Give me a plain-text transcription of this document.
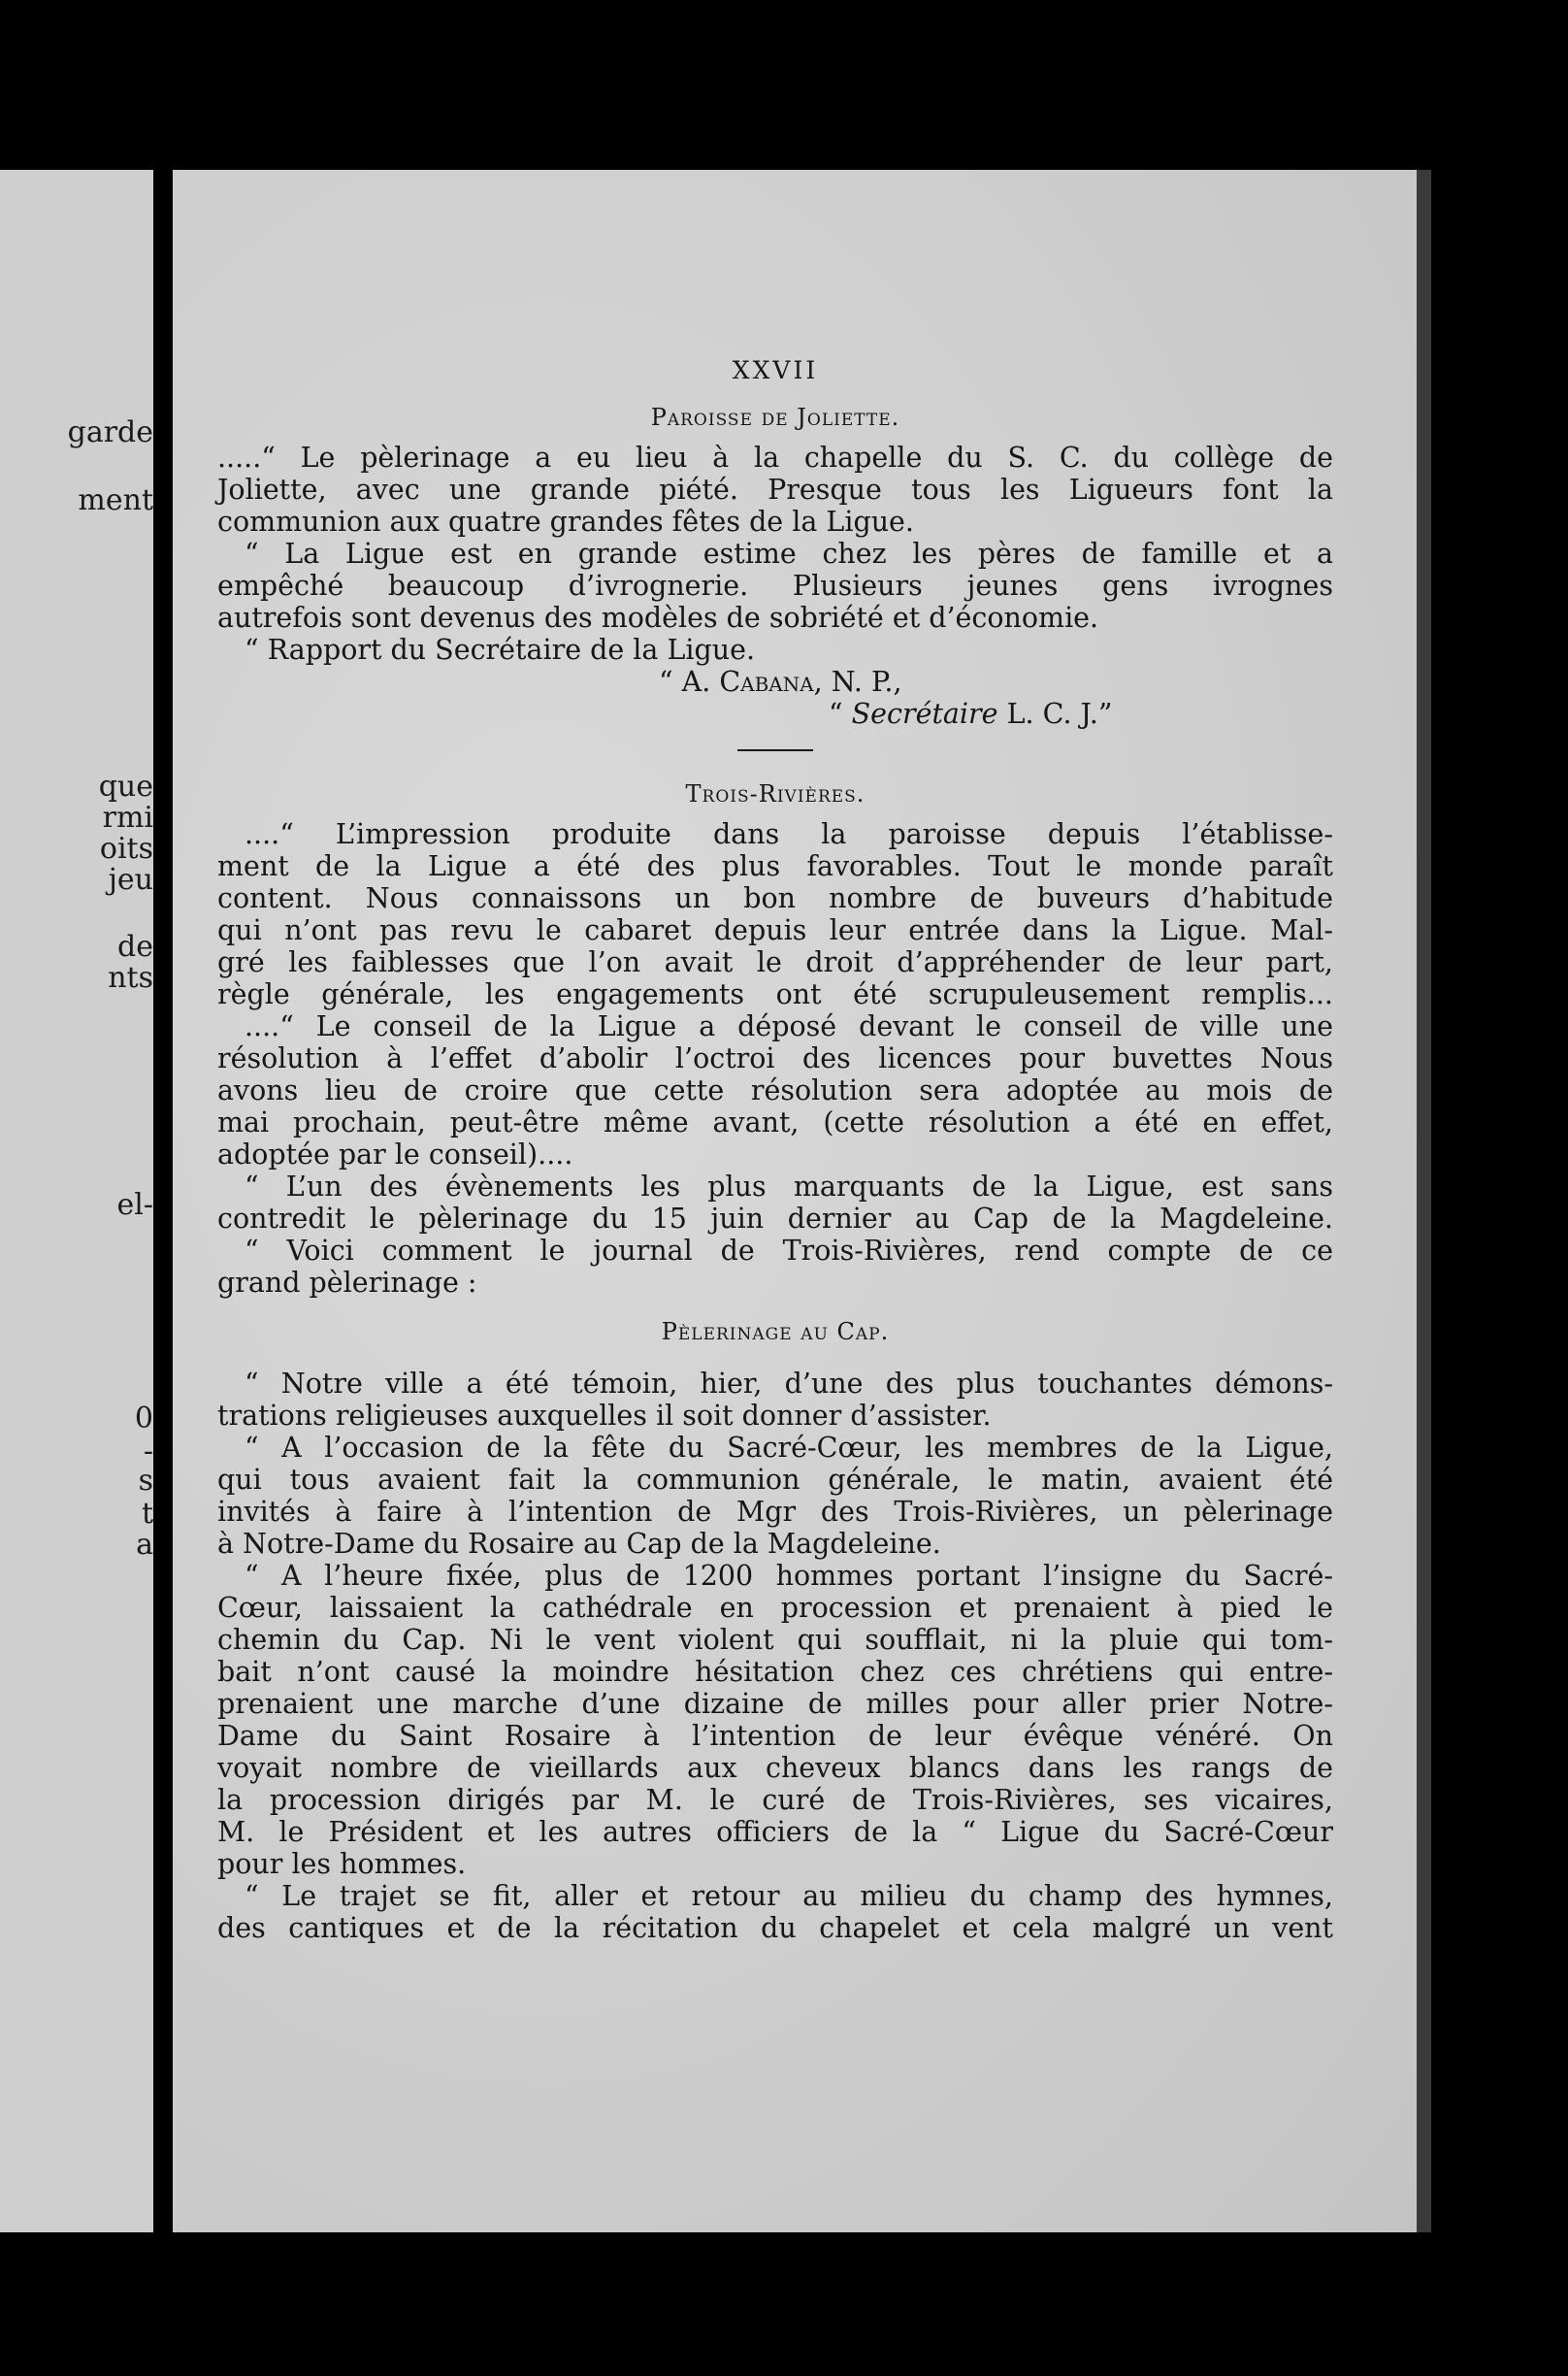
garde
ment
que
rmi
oits
jeu
de
nts
el-
0
-
s
t
a
XXVII
Paroisse de Joliette.
.....“ Le pèlerinage a eu lieu à la chapelle du S. C. du collège de
Joliette, avec une grande piété. Presque tous les Ligueurs font la
communion aux quatre grandes fêtes de la Ligue.
“ La Ligue est en grande estime chez les pères de famille et a
empêché beaucoup d’ivrognerie. Plusieurs jeunes gens ivrognes
autrefois sont devenus des modèles de sobriété et d’économie.
“ Rapport du Secrétaire de la Ligue.
“ A. Cabana, N. P.,
“ Secrétaire L. C. J.”
Trois-Rivières.
....“ L’impression produite dans la paroisse depuis l’établisse-
ment de la Ligue a été des plus favorables. Tout le monde paraît
content. Nous connaissons un bon nombre de buveurs d’habitude
qui n’ont pas revu le cabaret depuis leur entrée dans la Ligue. Mal-
gré les faiblesses que l’on avait le droit d’appréhender de leur part,
règle générale, les engagements ont été scrupuleusement remplis...
....“ Le conseil de la Ligue a déposé devant le conseil de ville une
résolution à l’effet d’abolir l’octroi des licences pour buvettes Nous
avons lieu de croire que cette résolution sera adoptée au mois de
mai prochain, peut-être même avant, (cette résolution a été en effet,
adoptée par le conseil)....
“ L’un des évènements les plus marquants de la Ligue, est sans
contredit le pèlerinage du 15 juin dernier au Cap de la Magdeleine.
“ Voici comment le journal de Trois-Rivières, rend compte de ce
grand pèlerinage :
Pèlerinage au Cap.
“ Notre ville a été témoin, hier, d’une des plus touchantes démons-
trations religieuses auxquelles il soit donner d’assister.
“ A l’occasion de la fête du Sacré-Cœur, les membres de la Ligue,
qui tous avaient fait la communion générale, le matin, avaient été
invités à faire à l’intention de Mgr des Trois-Rivières, un pèlerinage
à Notre-Dame du Rosaire au Cap de la Magdeleine.
“ A l’heure fixée, plus de 1200 hommes portant l’insigne du Sacré-
Cœur, laissaient la cathédrale en procession et prenaient à pied le
chemin du Cap. Ni le vent violent qui soufflait, ni la pluie qui tom-
bait n’ont causé la moindre hésitation chez ces chrétiens qui entre-
prenaient une marche d’une dizaine de milles pour aller prier Notre-
Dame du Saint Rosaire à l’intention de leur évêque vénéré. On
voyait nombre de vieillards aux cheveux blancs dans les rangs de
la procession dirigés par M. le curé de Trois-Rivières, ses vicaires,
M. le Président et les autres officiers de la “ Ligue du Sacré-Cœur
pour les hommes.
“ Le trajet se fit, aller et retour au milieu du champ des hymnes,
des cantiques et de la récitation du chapelet et cela malgré un vent
